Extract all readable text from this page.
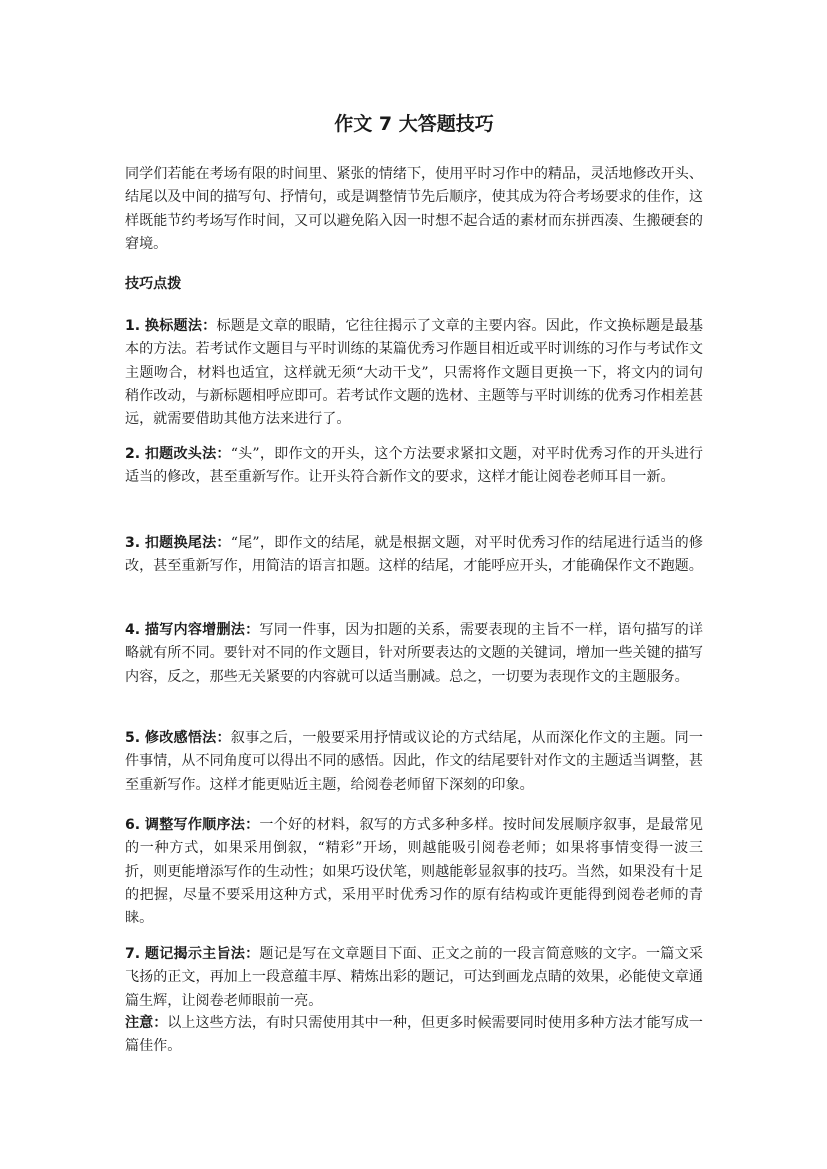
作文 7 大答题技巧

同学们若能在考场有限的时间里、紧张的情绪下，使用平时习作中的精品，灵活地修改开头、结尾以及中间的描写句、抒情句，或是调整情节先后顺序，使其成为符合考场要求的佳作，这样既能节约考场写作时间，又可以避免陷入因一时想不起合适的素材而东拼西凑、生搬硬套的窘境。

技巧点拨

1. 换标题法：标题是文章的眼睛，它往往揭示了文章的主要内容。因此，作文换标题是最基本的方法。若考试作文题目与平时训练的某篇优秀习作题目相近或平时训练的习作与考试作文主题吻合，材料也适宜，这样就无须“大动干戈”，只需将作文题目更换一下，将文内的词句稍作改动，与新标题相呼应即可。若考试作文题的选材、主题等与平时训练的优秀习作相差甚远，就需要借助其他方法来进行了。

2. 扣题改头法：“头”，即作文的开头，这个方法要求紧扣文题，对平时优秀习作的开头进行适当的修改，甚至重新写作。让开头符合新作文的要求，这样才能让阅卷老师耳目一新。

3. 扣题换尾法：“尾”，即作文的结尾，就是根据文题，对平时优秀习作的结尾进行适当的修改，甚至重新写作，用简洁的语言扣题。这样的结尾，才能呼应开头，才能确保作文不跑题。

4. 描写内容增删法：写同一件事，因为扣题的关系，需要表现的主旨不一样，语句描写的详略就有所不同。要针对不同的作文题目，针对所要表达的文题的关键词，增加一些关键的描写内容，反之，那些无关紧要的内容就可以适当删减。总之，一切要为表现作文的主题服务。

5. 修改感悟法：叙事之后，一般要采用抒情或议论的方式结尾，从而深化作文的主题。同一件事情，从不同角度可以得出不同的感悟。因此，作文的结尾要针对作文的主题适当调整，甚至重新写作。这样才能更贴近主题，给阅卷老师留下深刻的印象。

6. 调整写作顺序法：一个好的材料，叙写的方式多种多样。按时间发展顺序叙事，是最常见的一种方式，如果采用倒叙，“精彩”开场，则越能吸引阅卷老师；如果将事情变得一波三折，则更能增添写作的生动性；如果巧设伏笔，则越能彰显叙事的技巧。当然，如果没有十足的把握，尽量不要采用这种方式，采用平时优秀习作的原有结构或许更能得到阅卷老师的青睐。

7. 题记揭示主旨法：题记是写在文章题目下面、正文之前的一段言简意赅的文字。一篇文采飞扬的正文，再加上一段意蕴丰厚、精炼出彩的题记，可达到画龙点睛的效果，必能使文章通篇生辉，让阅卷老师眼前一亮。

注意：以上这些方法，有时只需使用其中一种，但更多时候需要同时使用多种方法才能写成一篇佳作。
